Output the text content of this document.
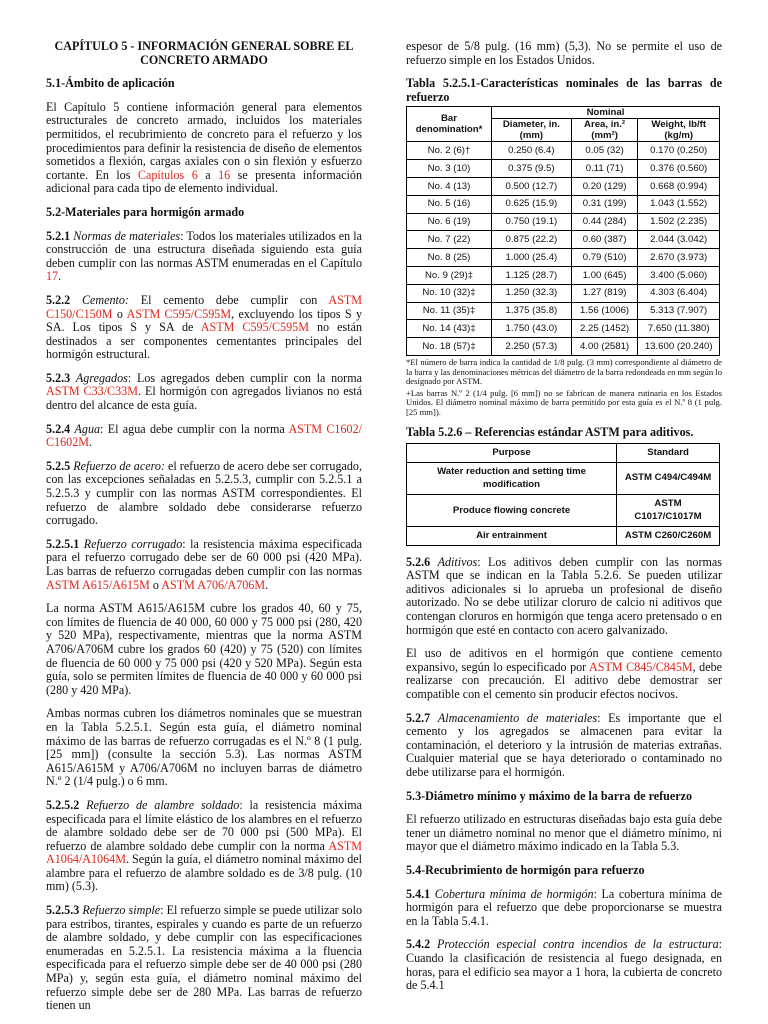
CAPÍTULO 5 - INFORMACIÓN GENERAL SOBRE EL CONCRETO ARMADO
5.1-Ámbito de aplicación

El Capítulo 5 contiene información general para elementos estructurales de concreto armado, incluidos los materiales permitidos, el recubrimiento de concreto para el refuerzo y los procedimientos para definir la resistencia de diseño de elementos sometidos a flexión, cargas axiales con o sin flexión y esfuerzo cortante. En los Capítulos 6 a 16 se presenta información adicional para cada tipo de elemento individual.

5.2-Materiales para hormigón armado

5.2.1 Normas de materiales: Todos los materiales utilizados en la construcción de una estructura diseñada siguiendo esta guía deben cumplir con las normas ASTM enumeradas en el Capítulo 17.

5.2.2 Cemento: El cemento debe cumplir con ASTM C150/C150M o ASTM C595/C595M, excluyendo los tipos S y SA. Los tipos S y SA de ASTM C595/C595M no están destinados a ser componentes cementantes principales del hormigón estructural.

5.2.3 Agregados: Los agregados deben cumplir con la norma ASTM C33/C33M. El hormigón con agregados livianos no está dentro del alcance de esta guía.

5.2.4 Agua: El agua debe cumplir con la norma ASTM C1602/ C1602M.

5.2.5 Refuerzo de acero: el refuerzo de acero debe ser corrugado, con las excepciones señaladas en 5.2.5.3, cumplir con 5.2.5.1 a 5.2.5.3 y cumplir con las normas ASTM correspondientes. El refuerzo de alambre soldado debe considerarse refuerzo corrugado.

5.2.5.1 Refuerzo corrugado: la resistencia máxima especificada para el refuerzo corrugado debe ser de 60 000 psi (420 MPa). Las barras de refuerzo corrugadas deben cumplir con las normas ASTM A615/A615M o ASTM A706/A706M.

La norma ASTM A615/A615M cubre los grados 40, 60 y 75, con límites de fluencia de 40 000, 60 000 y 75 000 psi (280, 420 y 520 MPa), respectivamente, mientras que la norma ASTM A706/A706M cubre los grados 60 (420) y 75 (520) con límites de fluencia de 60 000 y 75 000 psi (420 y 520 MPa). Según esta guía, solo se permiten límites de fluencia de 40 000 y 60 000 psi (280 y 420 MPa).

Ambas normas cubren los diámetros nominales que se muestran en la Tabla 5.2.5.1. Según esta guía, el diámetro nominal máximo de las barras de refuerzo corrugadas es el N.º 8 (1 pulg. [25 mm]) (consulte la sección 5.3). Las normas ASTM A615/A615M y A706/A706M no incluyen barras de diámetro N.º 2 (1/4 pulg.) o 6 mm.

5.2.5.2 Refuerzo de alambre soldado: la resistencia máxima especificada para el límite elástico de los alambres en el refuerzo de alambre soldado debe ser de 70 000 psi (500 MPa). El refuerzo de alambre soldado debe cumplir con la norma ASTM A1064/A1064M. Según la guía, el diámetro nominal máximo del alambre para el refuerzo de alambre soldado es de 3/8 pulg. (10 mm) (5.3).

5.2.5.3 Refuerzo simple: El refuerzo simple se puede utilizar solo para estribos, tirantes, espirales y cuando es parte de un refuerzo de alambre soldado, y debe cumplir con las especificaciones enumeradas en 5.2.5.1. La resistencia máxima a la fluencia especificada para el refuerzo simple debe ser de 40 000 psi (280 MPa) y, según esta guía, el diámetro nominal máximo del refuerzo simple debe ser de 280 MPa. Las barras de refuerzo tienen un

espesor de 5/8 pulg. (16 mm) (5,3). No se permite el uso de refuerzo simple en los Estados Unidos.

Tabla 5.2.5.1-Características nominales de las barras de refuerzo
Bar denomination*	Nominal		
	Diameter, in. (mm)	Area, in.² (mm²)	Weight, lb/ft (kg/m)
No. 2 (6)†	0.250 (6.4)	0.05 (32)	0.170 (0.250)
No. 3 (10)	0.375 (9.5)	0.11 (71)	0.376 (0.560)
No. 4 (13)	0.500 (12.7)	0.20 (129)	0.668 (0.994)
No. 5 (16)	0.625 (15.9)	0.31 (199)	1.043 (1.552)
No. 6 (19)	0.750 (19.1)	0.44 (284)	1.502 (2.235)
No. 7 (22)	0.875 (22.2)	0.60 (387)	2.044 (3.042)
No. 8 (25)	1.000 (25.4)	0.79 (510)	2.670 (3.973)
No. 9 (29)‡	1.125 (28.7)	1.00 (645)	3.400 (5.060)
No. 10 (32)‡	1.250 (32.3)	1.27 (819)	4.303 (6.404)
No. 11 (35)‡	1.375 (35.8)	1.56 (1006)	5.313 (7.907)
No. 14 (43)‡	1.750 (43.0)	2.25 (1452)	7.650 (11.380)
No. 18 (57)‡	2.250 (57.3)	4.00 (2581)	13.600 (20.240)
*El número de barra indica la cantidad de 1/8 pulg. (3 mm) correspondiente al diámetro de la barra y las denominaciones métricas del diámetro de la barra redondeada en mm según lo designado por ASTM.
+Las barras N.º 2 (1/4 pulg. [6 mm]) no se fabrican de manera rutinaria en los Estados Unidos. El diámetro nominal máximo de barra permitido por esta guía es el N.º 8 (1 pulg. [25 mm]).
Tabla 5.2.6 – Referencias estándar ASTM para aditivos.
Purpose	Standard
Water reduction and setting time modification	ASTM C494/C494M
Produce flowing concrete	ASTM C1017/C1017M
Air entrainment	ASTM C260/C260M

5.2.6 Aditivos: Los aditivos deben cumplir con las normas ASTM que se indican en la Tabla 5.2.6. Se pueden utilizar aditivos adicionales si lo aprueba un profesional de diseño autorizado. No se debe utilizar cloruro de calcio ni aditivos que contengan cloruros en hormigón que tenga acero pretensado o en hormigón que esté en contacto con acero galvanizado.

El uso de aditivos en el hormigón que contiene cemento expansivo, según lo especificado por ASTM C845/C845M, debe realizarse con precaución. El aditivo debe demostrar ser compatible con el cemento sin producir efectos nocivos.

5.2.7 Almacenamiento de materiales: Es importante que el cemento y los agregados se almacenen para evitar la contaminación, el deterioro y la intrusión de materias extrañas. Cualquier material que se haya deteriorado o contaminado no debe utilizarse para el hormigón.

5.3-Diámetro mínimo y máximo de la barra de refuerzo

El refuerzo utilizado en estructuras diseñadas bajo esta guía debe tener un diámetro nominal no menor que el diámetro mínimo, ni mayor que el diámetro máximo indicado en la Tabla 5.3.

5.4-Recubrimiento de hormigón para refuerzo

5.4.1 Cobertura mínima de hormigón: La cobertura mínima de hormigón para el refuerzo que debe proporcionarse se muestra en la Tabla 5.4.1.

5.4.2 Protección especial contra incendios de la estructura: Cuando la clasificación de resistencia al fuego designada, en horas, para el edificio sea mayor a 1 hora, la cubierta de concreto de 5.4.1
